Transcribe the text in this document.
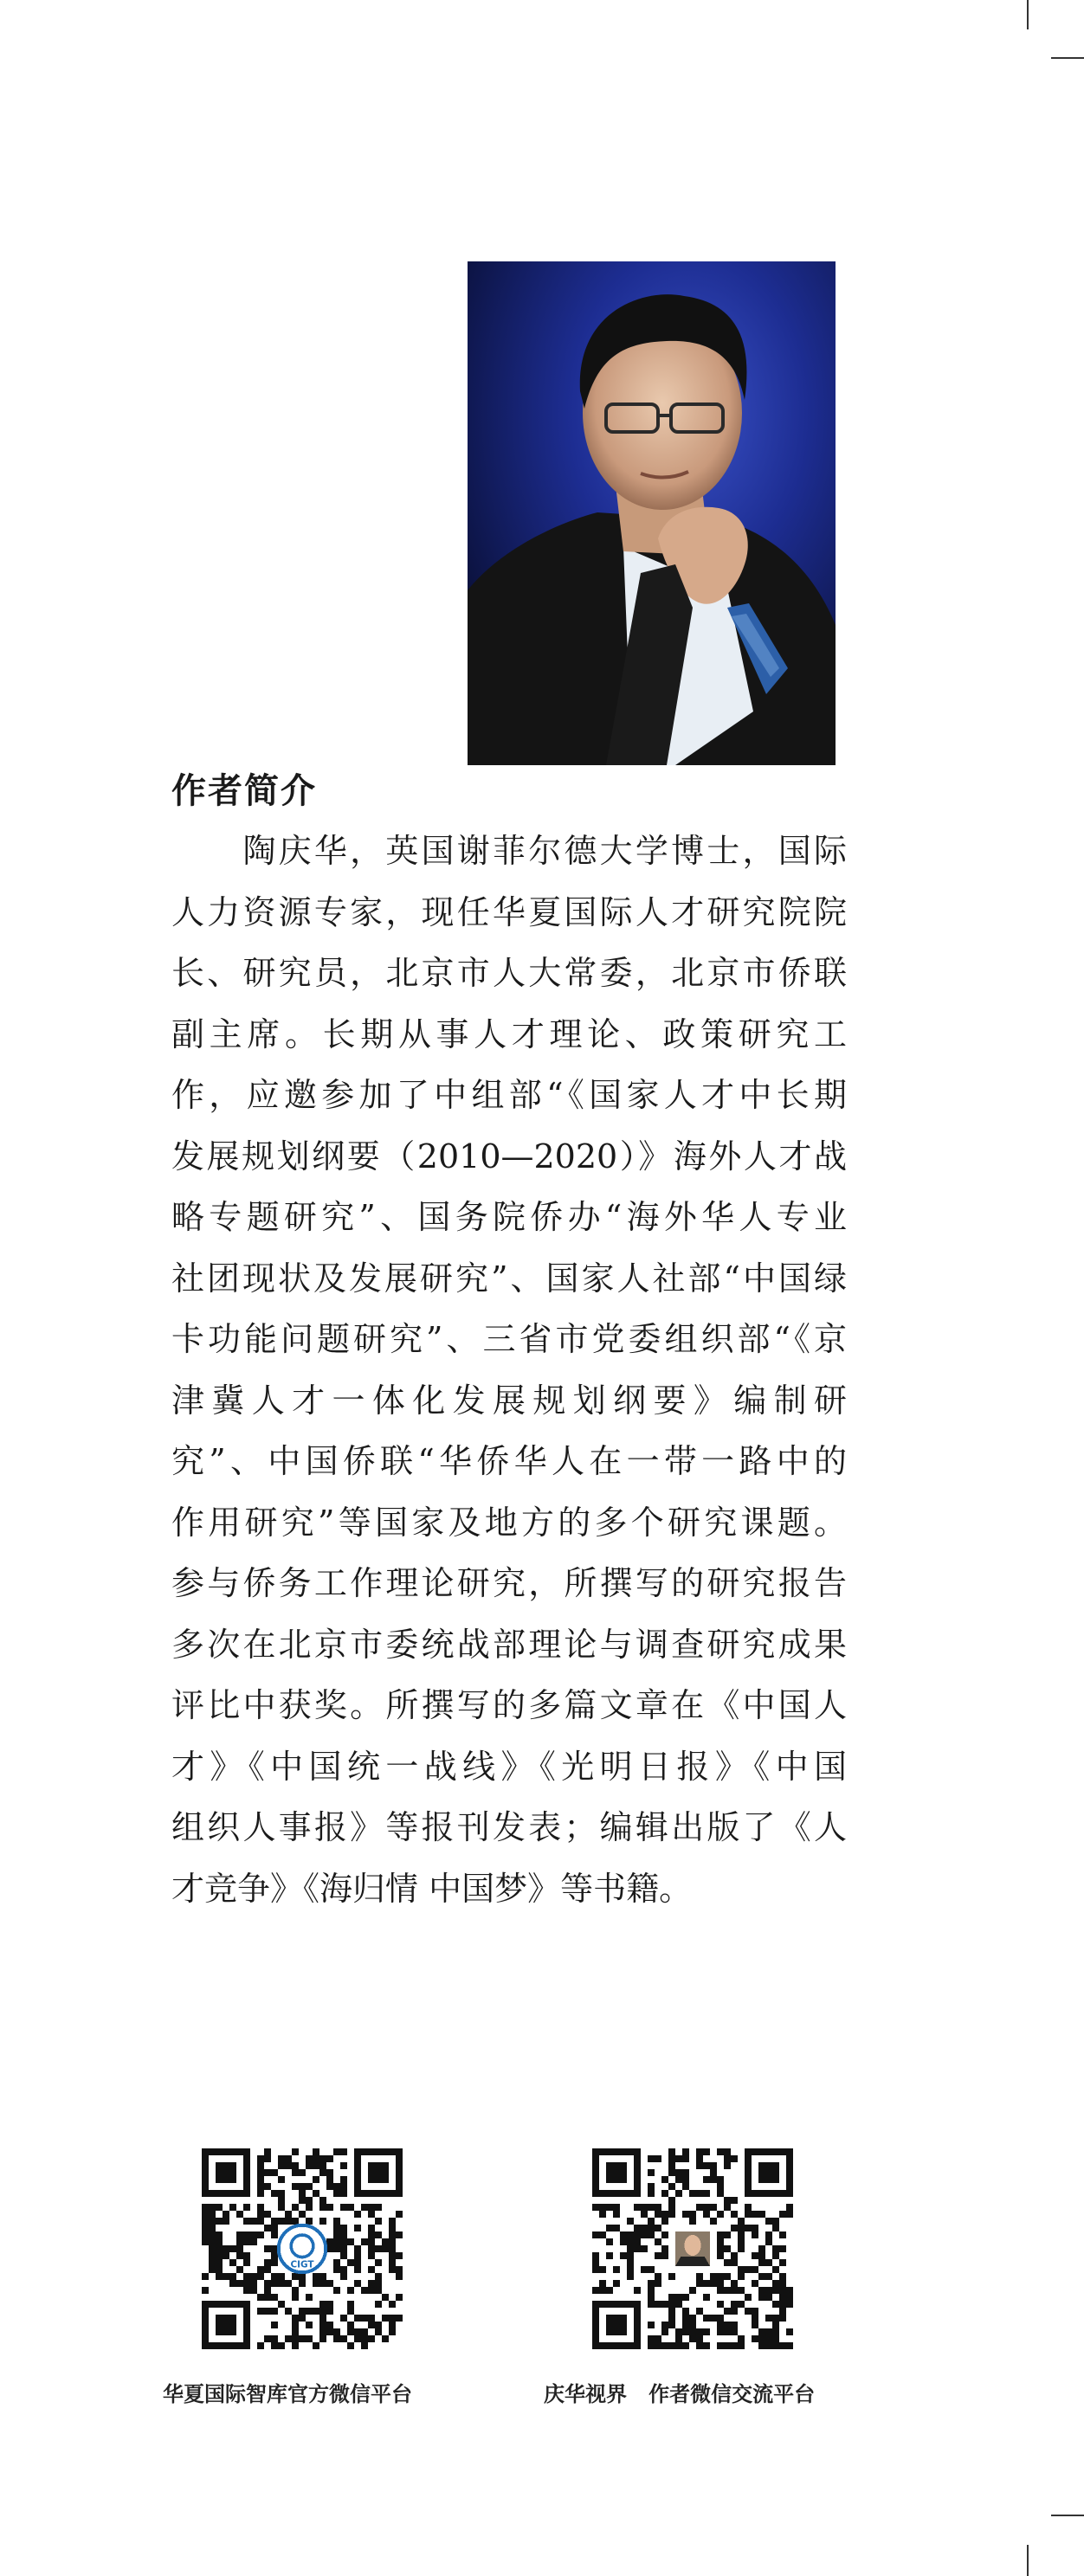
作者简介
　　陶庆华，英国谢菲尔德大学博士，国际
人力资源专家，现任华夏国际人才研究院院
长、研究员，北京市人大常委，北京市侨联
副主席。长期从事人才理论、政策研究工
作，应邀参加了中组部“《国家人才中长期
发展规划纲要（2010—2020）》海外人才战
略专题研究”、国务院侨办“海外华人专业
社团现状及发展研究”、国家人社部“中国绿
卡功能问题研究”、三省市党委组织部“《京
津冀人才一体化发展规划纲要》编制研
究”、中国侨联“华侨华人在一带一路中的
作用研究”等国家及地方的多个研究课题。
参与侨务工作理论研究，所撰写的研究报告
多次在北京市委统战部理论与调查研究成果
评比中获奖。所撰写的多篇文章在《中国人
才》《中国统一战线》《光明日报》《中国
组织人事报》等报刊发表；编辑出版了《人
才竞争》《海归情 中国梦》等书籍。
CIGT
华夏国际智库官方微信平台	庆华视界   作者微信交流平台
